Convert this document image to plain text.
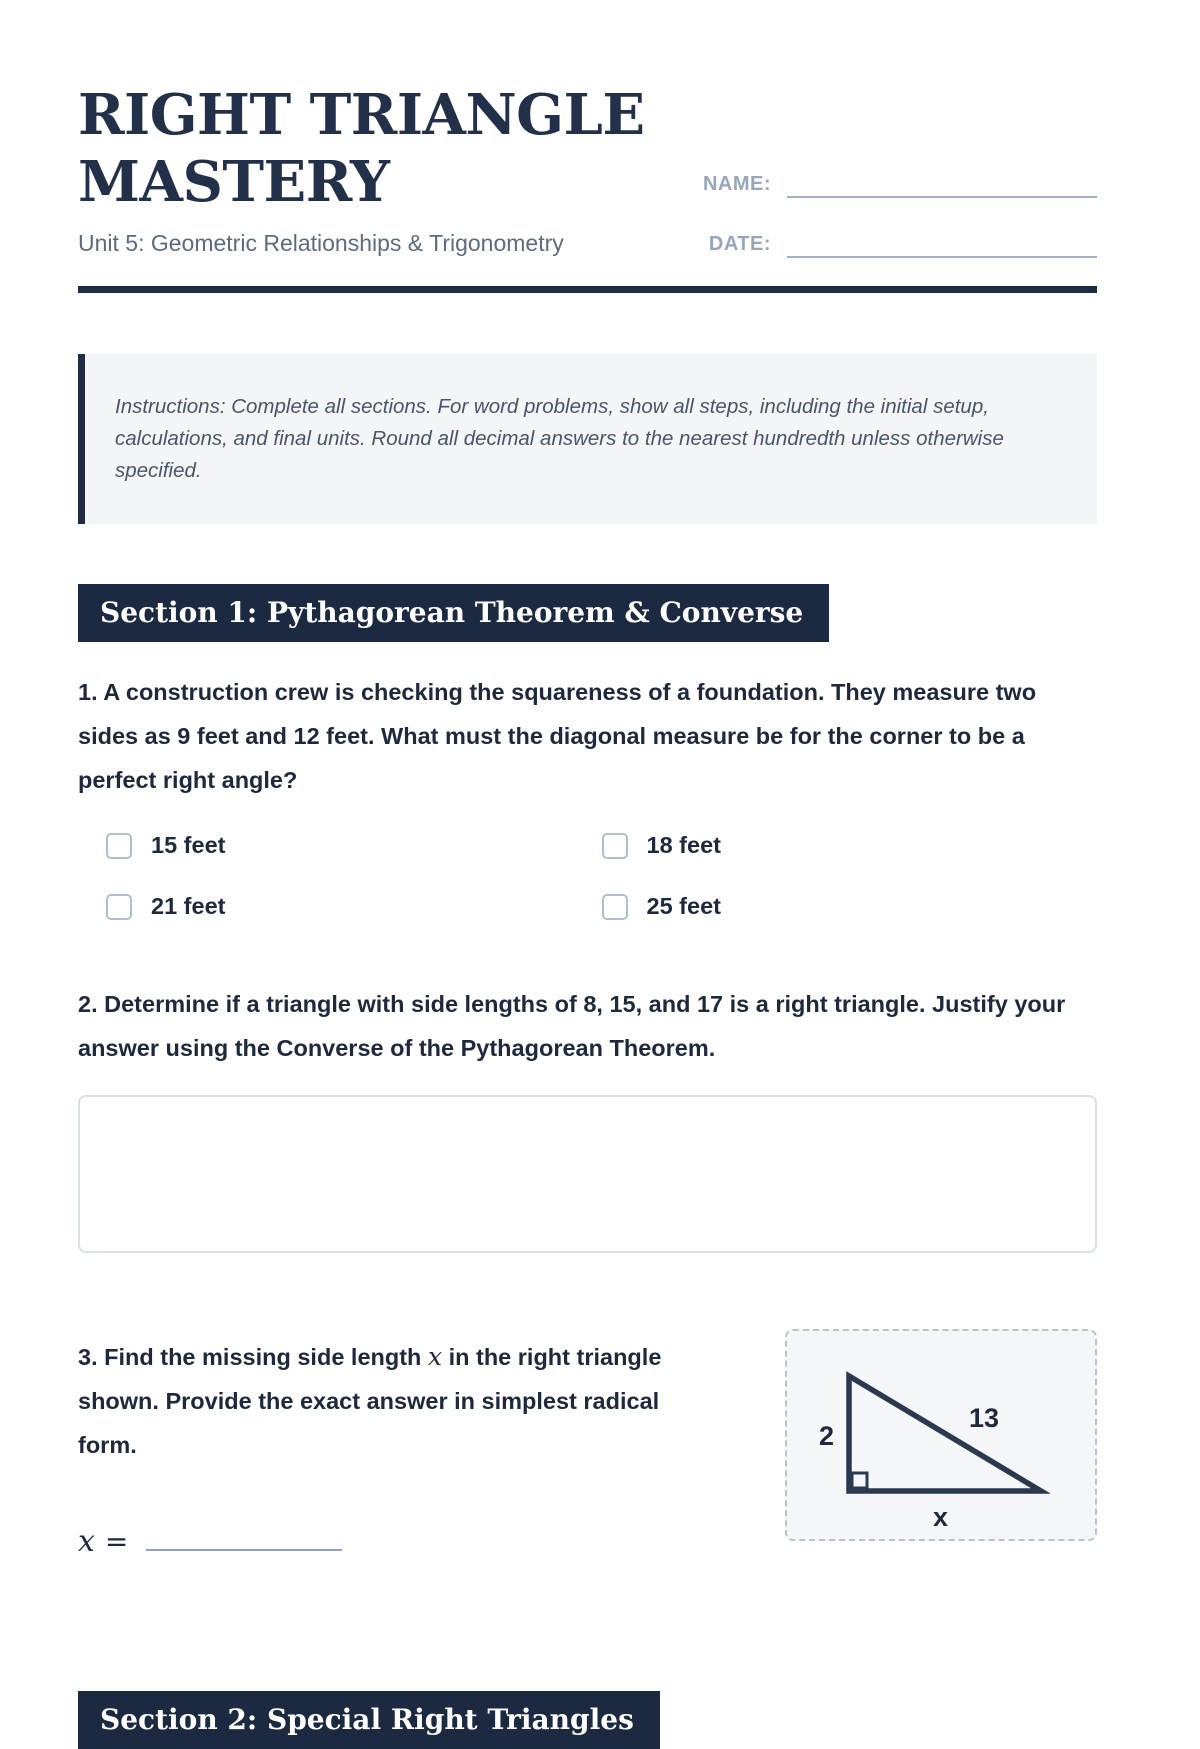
RIGHT TRIANGLE
MASTERY
Unit 5: Geometric Relationships & Trigonometry
NAME:
DATE:
Instructions: Complete all sections. For word problems, show all steps, including the initial setup, calculations, and final units. Round all decimal answers to the nearest hundredth unless otherwise specified.
Section 1: Pythagorean Theorem & Converse
1. A construction crew is checking the squareness of a foundation. They measure two sides as 9 feet and 12 feet. What must the diagonal measure be for the corner to be a perfect right angle?
15 feet	18 feet
21 feet	25 feet
2. Determine if a triangle with side lengths of 8, 15, and 17 is a right triangle. Justify your answer using the Converse of the Pythagorean Theorem.
3. Find the missing side length x in the right triangle shown. Provide the exact answer in simplest radical form.
x =
2
13
x
Section 2: Special Right Triangles
